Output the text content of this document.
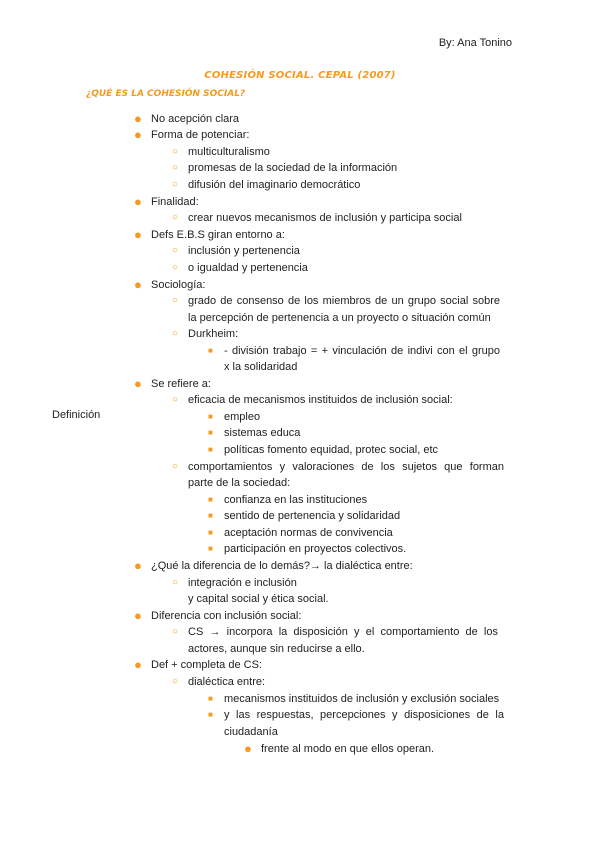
By: Ana Tonino
COHESIÓN SOCIAL. CEPAL (2007)
¿QUÉ ES LA COHESIÓN SOCIAL?
Definición
● No acepción clara
● Forma de potenciar:
○ multiculturalismo
○ promesas de la sociedad de la información
○ difusión del imaginario democrático
● Finalidad:
○ crear nuevos mecanismos de inclusión y participa social
● Defs E.B.S giran entorno a:
○ inclusión y pertenencia
○ o igualdad y pertenencia
● Sociología:
○ grado de consenso de los miembros de un grupo social sobre
la percepción de pertenencia a un proyecto o situación común
○ Durkheim:
■ - división trabajo = + vinculación de indivi con el grupo
x la solidaridad
● Se refiere a:
○ eficacia de mecanismos instituidos de inclusión social:
■ empleo
■ sistemas educa
■ políticas fomento equidad, protec social, etc
○ comportamientos y valoraciones de los sujetos que forman
parte de la sociedad:
■ confianza en las instituciones
■ sentido de pertenencia y solidaridad
■ aceptación normas de convivencia
■ participación en proyectos colectivos.
● ¿Qué la diferencia de lo demás?→ la dialéctica entre:
○ integración e inclusión
y capital social y ética social.
● Diferencia con inclusión social:
○ CS → incorpora la disposición y el comportamiento de los
actores, aunque sin reducirse a ello.
● Def + completa de CS:
○ dialéctica entre:
■ mecanismos instituidos de inclusión y exclusión sociales
■ y las respuestas, percepciones y disposiciones de la
ciudadanía
● frente al modo en que ellos operan.
